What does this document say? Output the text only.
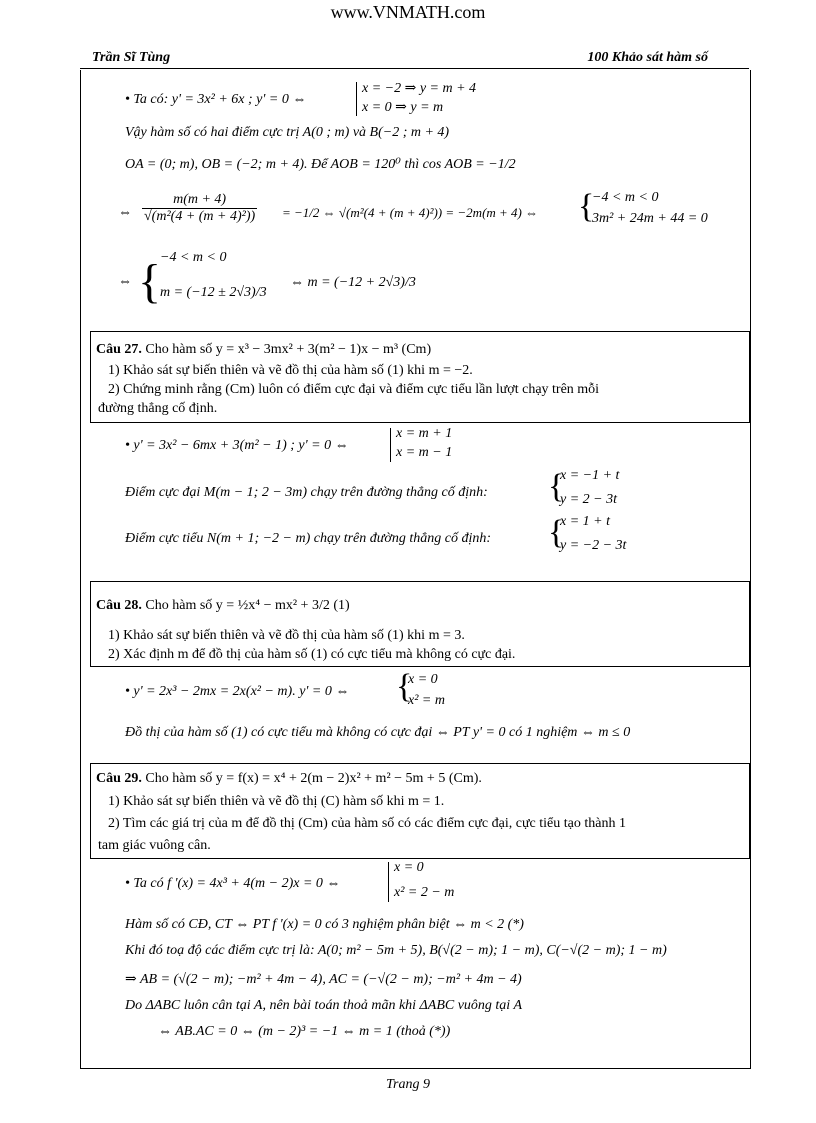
www.VNMATH.com
Trần Sĩ Tùng	100 Khảo sát hàm số
• Ta có: y' = 3x² + 6x ; y' = 0 ⇔
x = −2 ⇒ y = m + 4
x = 0 ⇒ y = m
Vậy hàm số có hai điểm cực trị A(0 ; m) và B(−2 ; m + 4)
OA = (0; m), OB = (−2; m + 4). Để AOB = 120⁰ thì cos AOB = −1/2
⇔ $\frac{m(m + 4)}{\text{√(m²(4 + (m + 4)²))}} = -1/2$ ⇔ √(m²(4 + (m + 4)²)) = −2m(m + 4) ⇔ {
−4 < m < 0
3m² + 24m + 44 = 0
⇔ {
−4 < m < 0
m = (−12 ± 2√3)/3
⇔ m = (−12 + 2√3)/3
Câu 27. Cho hàm số y = x³ − 3mx² + 3(m² − 1)x − m³ (Cm)
1) Khảo sát sự biến thiên và vẽ đồ thị của hàm số (1) khi m = −2.
2) Chứng minh rằng (Cm) luôn có điểm cực đại và điểm cực tiểu lần lượt chạy trên mỗi
đường thẳng cố định.
• y' = 3x² − 6mx + 3(m² − 1) ; y' = 0 ⇔
x = m + 1
x = m − 1
Điểm cực đại M(m − 1; 2 − 3m) chạy trên đường thẳng cố định: {
x = −1 + t
y = 2 − 3t
Điểm cực tiểu N(m + 1; −2 − m) chạy trên đường thẳng cố định: {
x = 1 + t
y = −2 − 3t
Câu 28. Cho hàm số y = ½x⁴ − mx² + 3/2 (1)
1) Khảo sát sự biến thiên và vẽ đồ thị của hàm số (1) khi m = 3.
2) Xác định m để đồ thị của hàm số (1) có cực tiểu mà không có cực đại.
• y' = 2x³ − 2mx = 2x(x² − m). y' = 0 ⇔ {
x = 0
x² = m
Đồ thị của hàm số (1) có cực tiểu mà không có cực đại ⇔ PT y' = 0 có 1 nghiệm ⇔ m ≤ 0
Câu 29. Cho hàm số y = f(x) = x⁴ + 2(m − 2)x² + m² − 5m + 5 (Cm).
1) Khảo sát sự biến thiên và vẽ đồ thị (C) hàm số khi m = 1.
2) Tìm các giá trị của m để đồ thị (Cm) của hàm số có các điểm cực đại, cực tiểu tạo thành 1
tam giác vuông cân.
• Ta có f '(x) = 4x³ + 4(m − 2)x = 0 ⇔
x = 0
x² = 2 − m
Hàm số có CĐ, CT ⇔ PT f '(x) = 0 có 3 nghiệm phân biệt ⇔ m < 2 (*)
Khi đó toạ độ các điểm cực trị là: A(0; m² − 5m + 5), B(√(2 − m); 1 − m), C(−√(2 − m); 1 − m)
⇒ AB = (√(2 − m); −m² + 4m − 4), AC = (−√(2 − m); −m² + 4m − 4)
Do ΔABC luôn cân tại A, nên bài toán thoả mãn khi ΔABC vuông tại A
⇔ AB.AC = 0 ⇔ (m − 2)³ = −1 ⇔ m = 1 (thoả (*))
Trang 9
